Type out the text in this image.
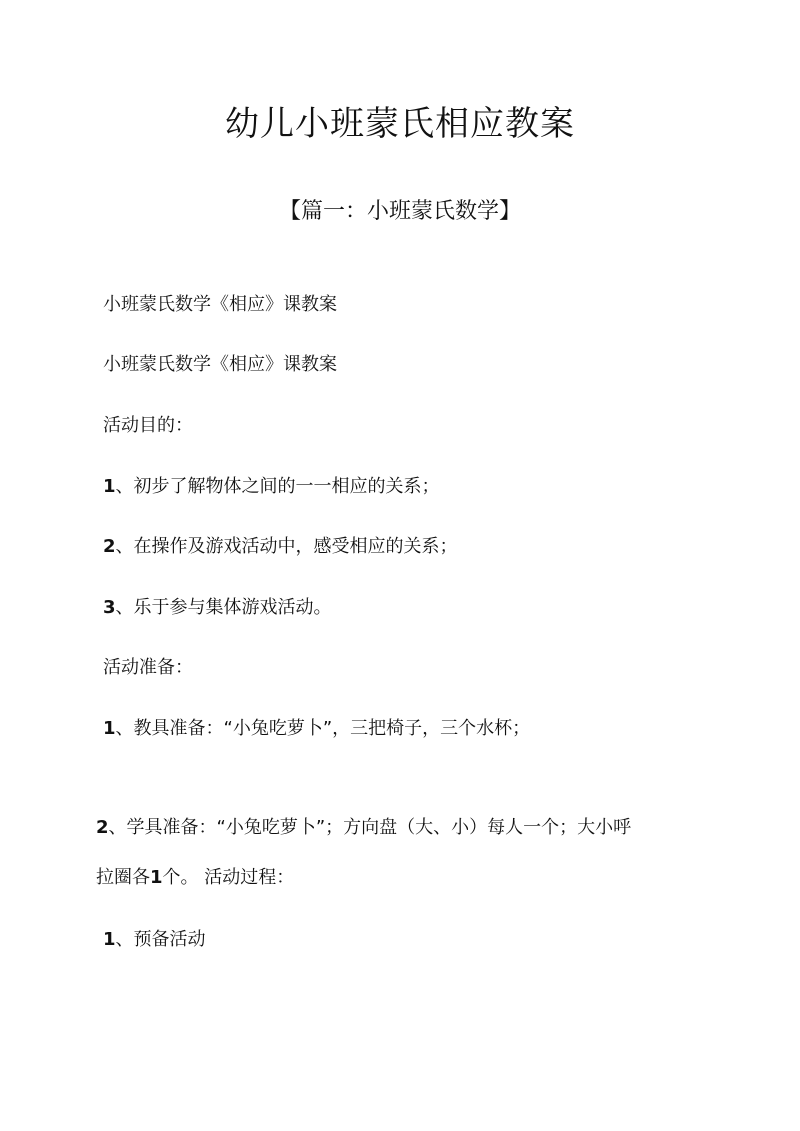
幼儿小班蒙氏相应教案
【篇一：小班蒙氏数学】

小班蒙氏数学《相应》课教案

小班蒙氏数学《相应》课教案

活动目的：

1、初步了解物体之间的一一相应的关系；

2、在操作及游戏活动中，感受相应的关系；

3、乐于参与集体游戏活动。

活动准备：

1、教具准备：“小兔吃萝卜”，三把椅子，三个水杯；

2、学具准备：“小兔吃萝卜”；方向盘（大、小）每人一个；大小呼

拉圈各1个。 活动过程：

1、预备活动
